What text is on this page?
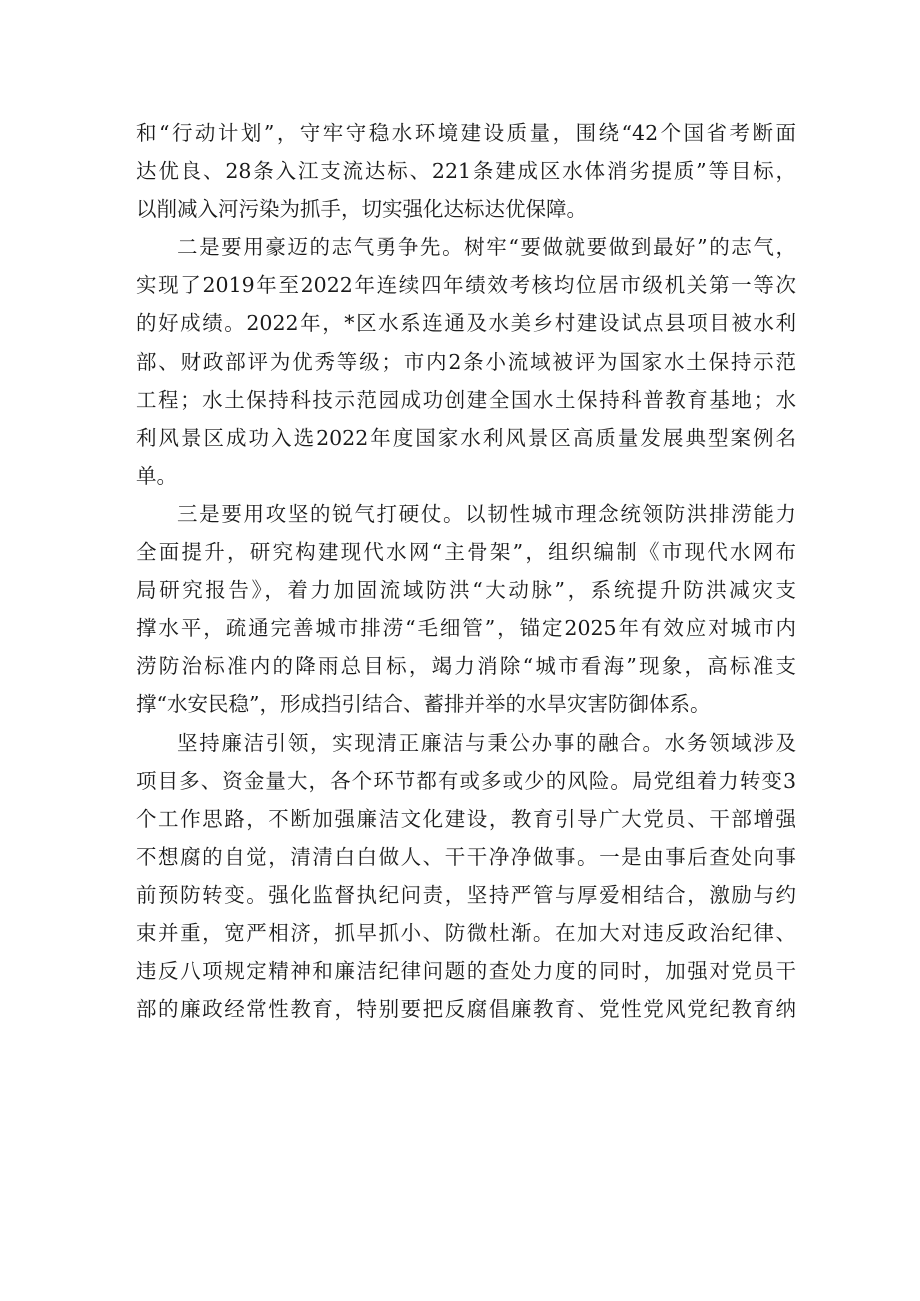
和“行动计划”，守牢守稳水环境建设质量，围绕“42个国省考断面
达优良、28条入江支流达标、221条建成区水体消劣提质”等目标，
以削减入河污染为抓手，切实强化达标达优保障。
二是要用豪迈的志气勇争先。树牢“要做就要做到最好”的志气，
实现了2019年至2022年连续四年绩效考核均位居市级机关第一等次
的好成绩。2022年，*区水系连通及水美乡村建设试点县项目被水利
部、财政部评为优秀等级；市内2条小流域被评为国家水土保持示范
工程；水土保持科技示范园成功创建全国水土保持科普教育基地；水
利风景区成功入选2022年度国家水利风景区高质量发展典型案例名
单。
三是要用攻坚的锐气打硬仗。以韧性城市理念统领防洪排涝能力
全面提升，研究构建现代水网“主骨架”，组织编制《市现代水网布
局研究报告》，着力加固流域防洪“大动脉”，系统提升防洪减灾支
撑水平，疏通完善城市排涝“毛细管”，锚定2025年有效应对城市内
涝防治标准内的降雨总目标，竭力消除“城市看海”现象，高标准支
撑“水安民稳”，形成挡引结合、蓄排并举的水旱灾害防御体系。
坚持廉洁引领，实现清正廉洁与秉公办事的融合。水务领域涉及
项目多、资金量大，各个环节都有或多或少的风险。局党组着力转变3
个工作思路，不断加强廉洁文化建设，教育引导广大党员、干部增强
不想腐的自觉，清清白白做人、干干净净做事。一是由事后查处向事
前预防转变。强化监督执纪问责，坚持严管与厚爱相结合，激励与约
束并重，宽严相济，抓早抓小、防微杜渐。在加大对违反政治纪律、
违反八项规定精神和廉洁纪律问题的查处力度的同时，加强对党员干
部的廉政经常性教育，特别要把反腐倡廉教育、党性党风党纪教育纳
